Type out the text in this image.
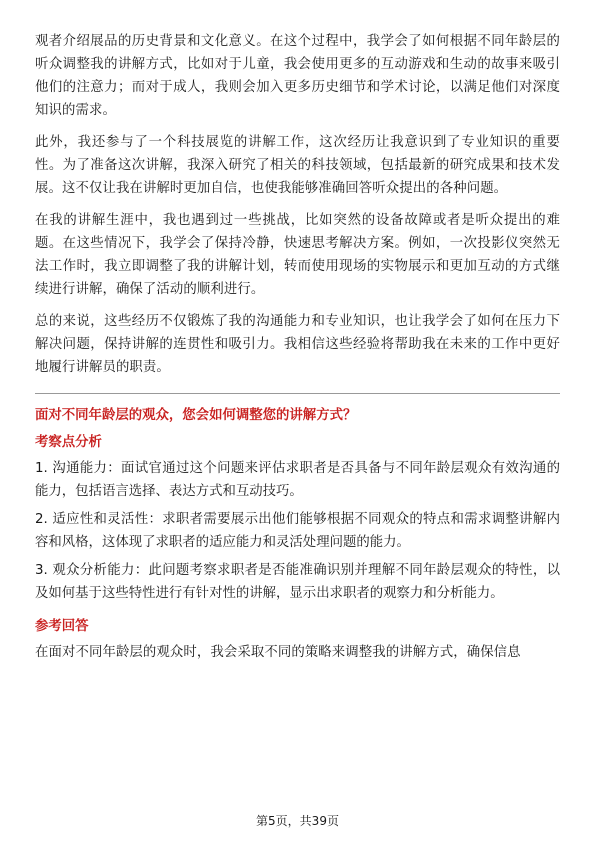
观者介绍展品的历史背景和文化意义。在这个过程中，我学会了如何根据不同年龄层的听众调整我的讲解方式，比如对于儿童，我会使用更多的互动游戏和生动的故事来吸引他们的注意力；而对于成人，我则会加入更多历史细节和学术讨论，以满足他们对深度知识的需求。

此外，我还参与了一个科技展览的讲解工作，这次经历让我意识到了专业知识的重要性。为了准备这次讲解，我深入研究了相关的科技领域，包括最新的研究成果和技术发展。这不仅让我在讲解时更加自信，也使我能够准确回答听众提出的各种问题。

在我的讲解生涯中，我也遇到过一些挑战，比如突然的设备故障或者是听众提出的难题。在这些情况下，我学会了保持冷静，快速思考解决方案。例如，一次投影仪突然无法工作时，我立即调整了我的讲解计划，转而使用现场的实物展示和更加互动的方式继续进行讲解，确保了活动的顺利进行。

总的来说，这些经历不仅锻炼了我的沟通能力和专业知识，也让我学会了如何在压力下解决问题，保持讲解的连贯性和吸引力。我相信这些经验将帮助我在未来的工作中更好地履行讲解员的职责。

面对不同年龄层的观众，您会如何调整您的讲解方式？
考察点分析
1. 沟通能力：面试官通过这个问题来评估求职者是否具备与不同年龄层观众有效沟通的能力，包括语言选择、表达方式和互动技巧。
2. 适应性和灵活性：求职者需要展示出他们能够根据不同观众的特点和需求调整讲解内容和风格，这体现了求职者的适应能力和灵活处理问题的能力。
3. 观众分析能力：此问题考察求职者是否能准确识别并理解不同年龄层观众的特性，以及如何基于这些特性进行有针对性的讲解，显示出求职者的观察力和分析能力。
参考回答

在面对不同年龄层的观众时，我会采取不同的策略来调整我的讲解方式，确保信息

第5页，共39页
